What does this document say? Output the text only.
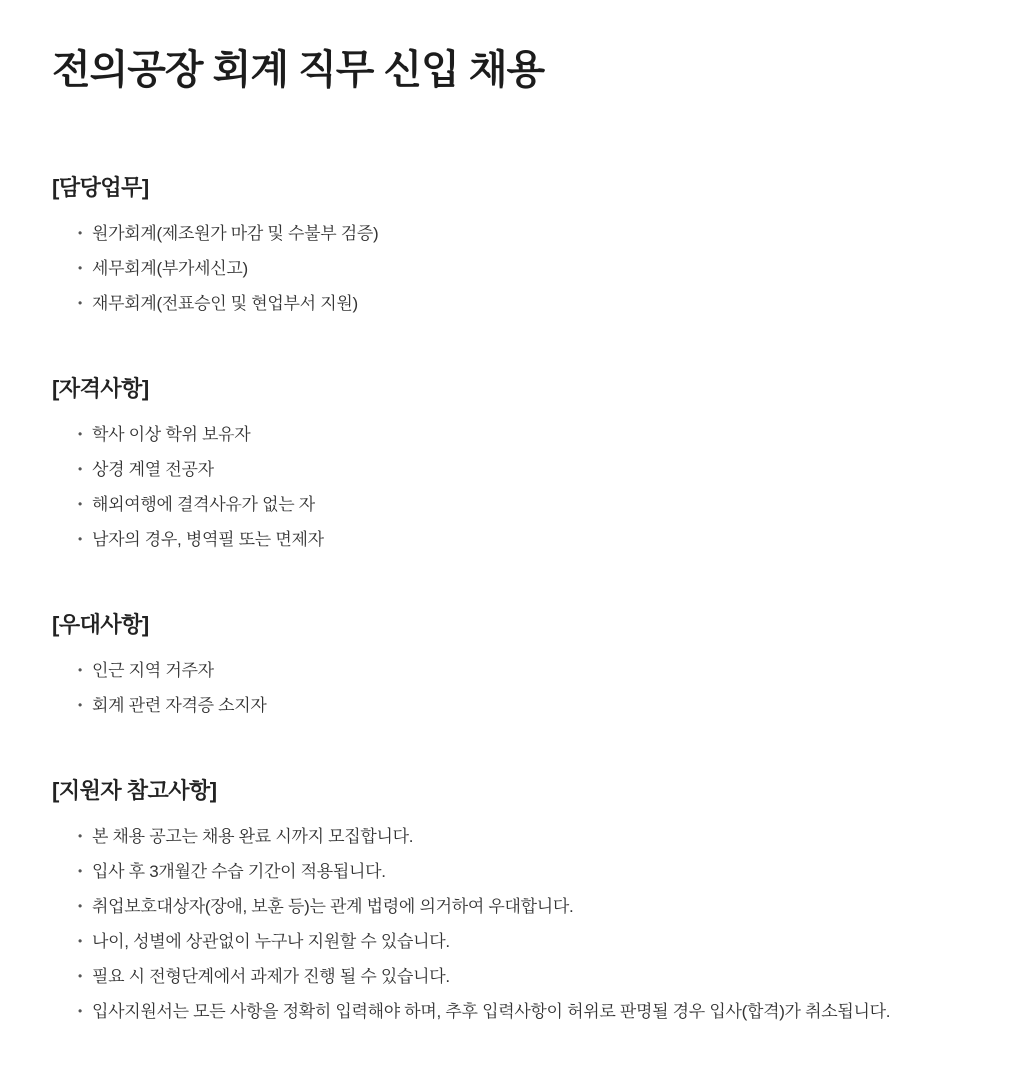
전의공장 회계 직무 신입 채용
[담당업무]
• 원가회계(제조원가 마감 및 수불부 검증)
• 세무회계(부가세신고)
• 재무회계(전표승인 및 현업부서 지원)
[자격사항]
• 학사 이상 학위 보유자
• 상경 계열 전공자
• 해외여행에 결격사유가 없는 자
• 남자의 경우, 병역필 또는 면제자
[우대사항]
• 인근 지역 거주자
• 회계 관련 자격증 소지자
[지원자 참고사항]
• 본 채용 공고는 채용 완료 시까지 모집합니다.
• 입사 후 3개월간 수습 기간이 적용됩니다.
• 취업보호대상자(장애, 보훈 등)는 관계 법령에 의거하여 우대합니다.
• 나이, 성별에 상관없이 누구나 지원할 수 있습니다.
• 필요 시 전형단계에서 과제가 진행 될 수 있습니다.
• 입사지원서는 모든 사항을 정확히 입력해야 하며, 추후 입력사항이 허위로 판명될 경우 입사(합격)가 취소됩니다.
